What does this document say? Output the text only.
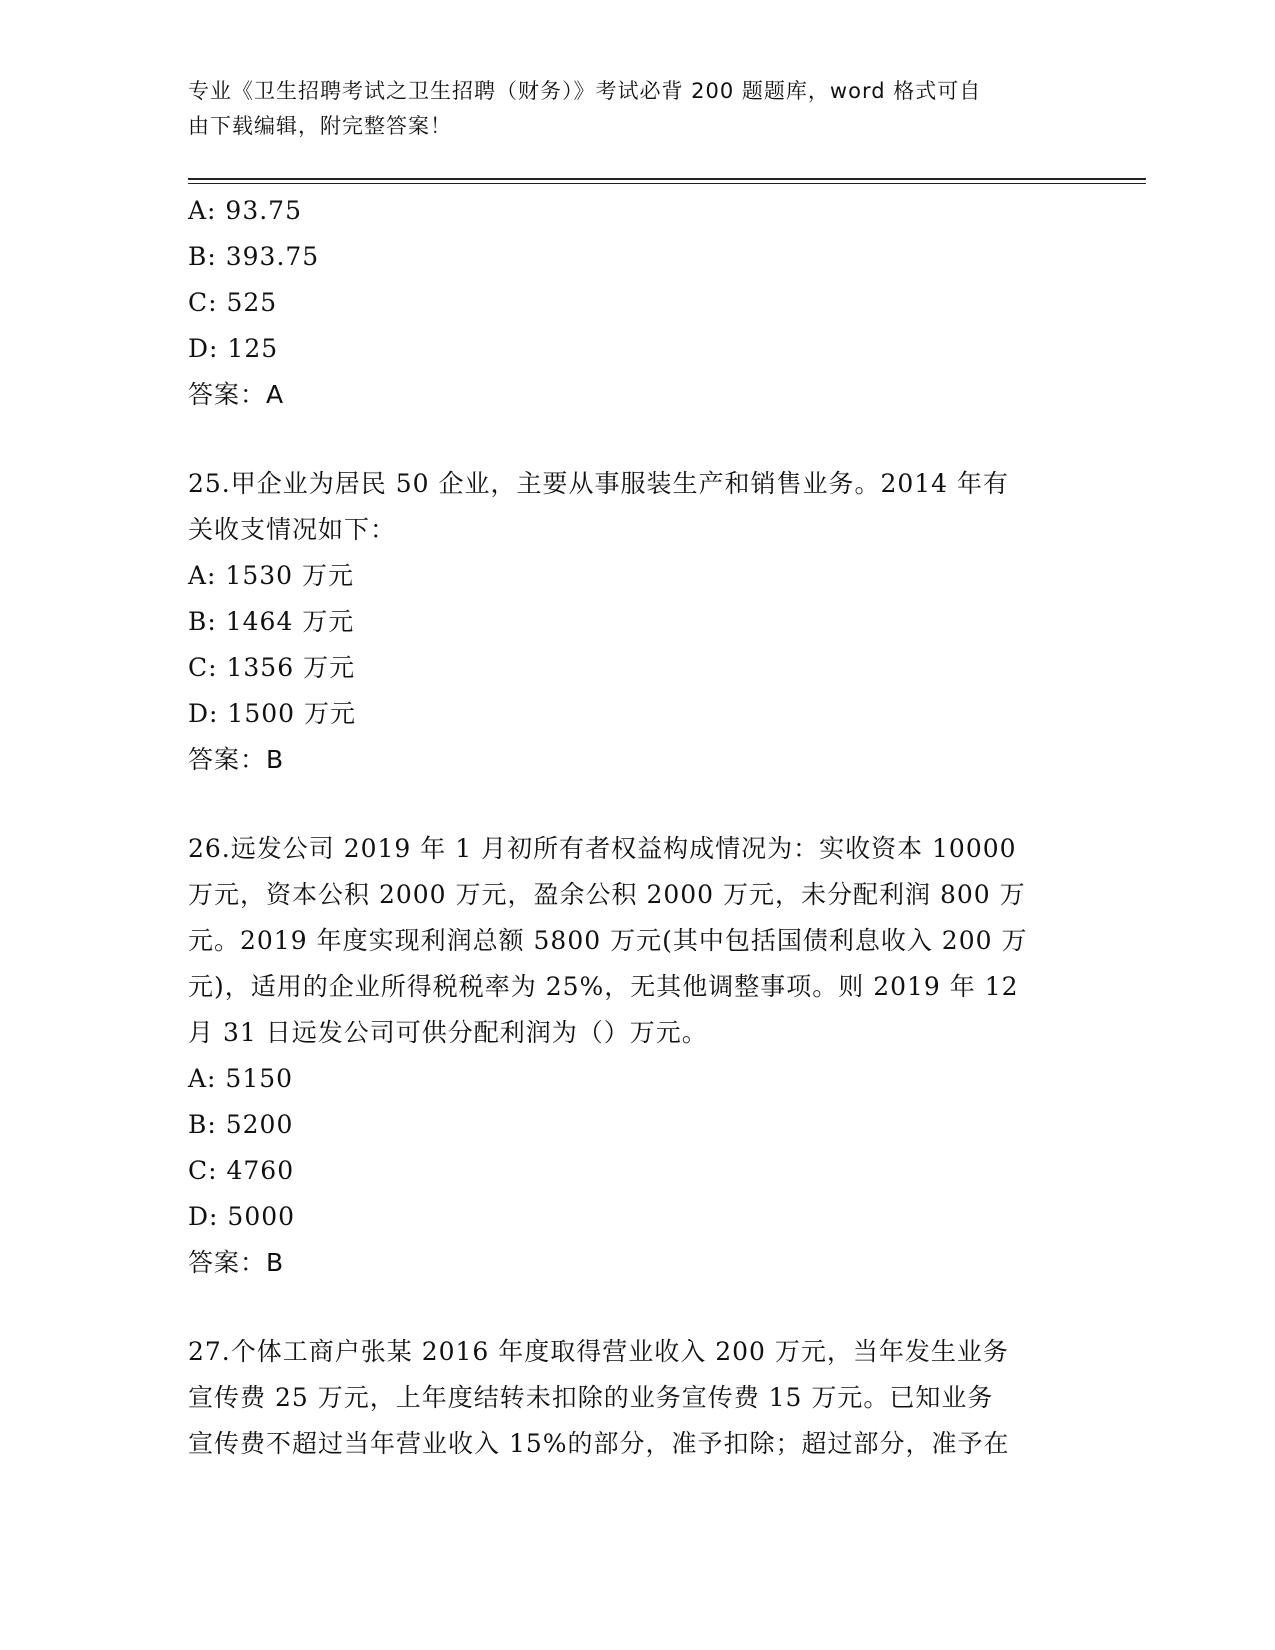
专业《卫生招聘考试之卫生招聘（财务）》考试必背 200 题题库，word 格式可自
由下载编辑，附完整答案！
A: 93.75
B: 393.75
C: 525
D: 125
答案：A
25.甲企业为居民 50 企业，主要从事服装生产和销售业务。2014 年有
关收支情况如下：
A: 1530 万元
B: 1464 万元
C: 1356 万元
D: 1500 万元
答案：B
26.远发公司 2019 年 1 月初所有者权益构成情况为：实收资本 10000
万元，资本公积 2000 万元，盈余公积 2000 万元，未分配利润 800 万
元。2019 年度实现利润总额 5800 万元(其中包括国债利息收入 200 万
元)，适用的企业所得税税率为 25%，无其他调整事项。则 2019 年 12
月 31 日远发公司可供分配利润为（）万元。
A: 5150
B: 5200
C: 4760
D: 5000
答案：B
27.个体工商户张某 2016 年度取得营业收入 200 万元，当年发生业务
宣传费 25 万元，上年度结转未扣除的业务宣传费 15 万元。已知业务
宣传费不超过当年营业收入 15%的部分，准予扣除；超过部分，准予在
